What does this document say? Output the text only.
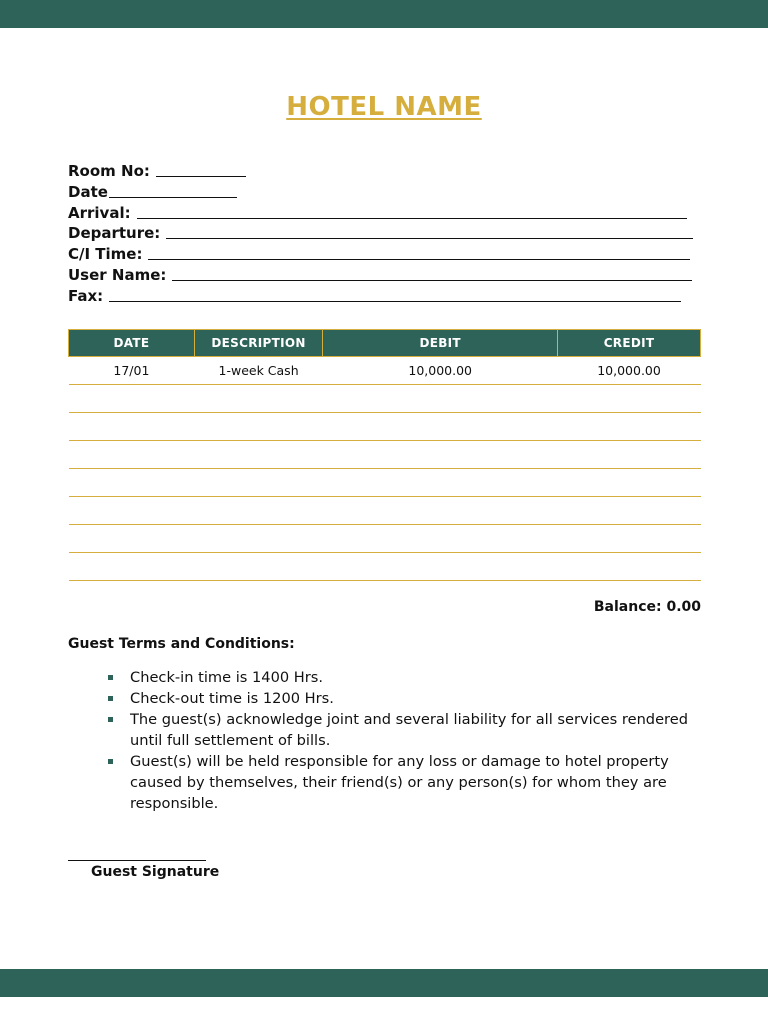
HOTEL NAME
Room No:
Date
Arrival:
Departure:
C/I Time:
User Name:
Fax:
DATE	DESCRIPTION	DEBIT	CREDIT
17/01	1-week Cash	10,000.00	10,000.00

Balance: 0.00
Guest Terms and Conditions:
Check-in time is 1400 Hrs.
Check-out time is 1200 Hrs.
The guest(s) acknowledge joint and several liability for all services rendered until full settlement of bills.
Guest(s) will be held responsible for any loss or damage to hotel property caused by themselves, their friend(s) or any person(s) for whom they are responsible.
Guest Signature
